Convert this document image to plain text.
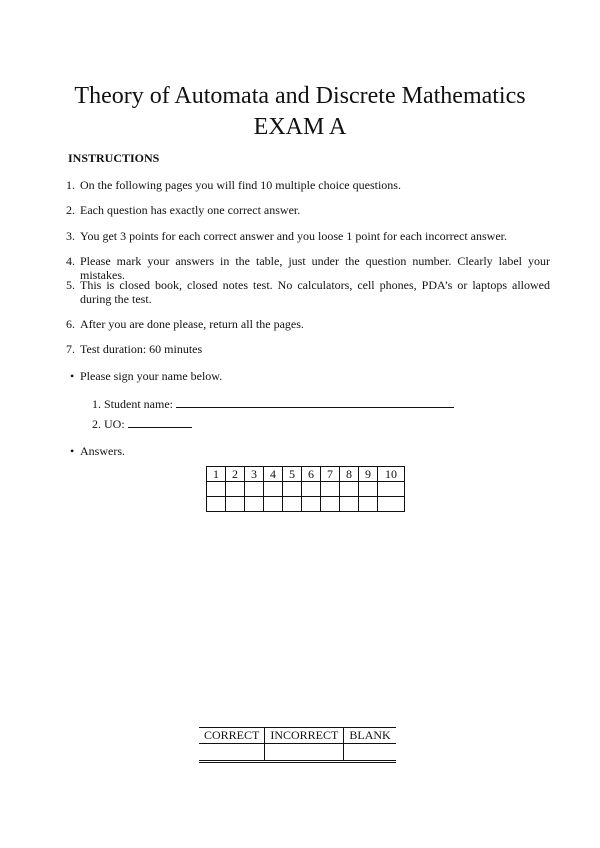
Theory of Automata and Discrete Mathematics
EXAM A
INSTRUCTIONS
1. On the following pages you will find 10 multiple choice questions.
2. Each question has exactly one correct answer.
3. You get 3 points for each correct answer and you loose 1 point for each incorrect answer.
4. Please mark your answers in the table, just under the question number. Clearly label your mistakes.
5. This is closed book, closed notes test. No calculators, cell phones, PDA’s or laptops allowed during the test.
6. After you are done please, return all the pages.
7. Test duration: 60 minutes
• Please sign your name below.
1. Student name:
2. UO:
• Answers.
1	2	3	4	5	6	7	8	9	10

CORRECT	INCORRECT	BLANK
